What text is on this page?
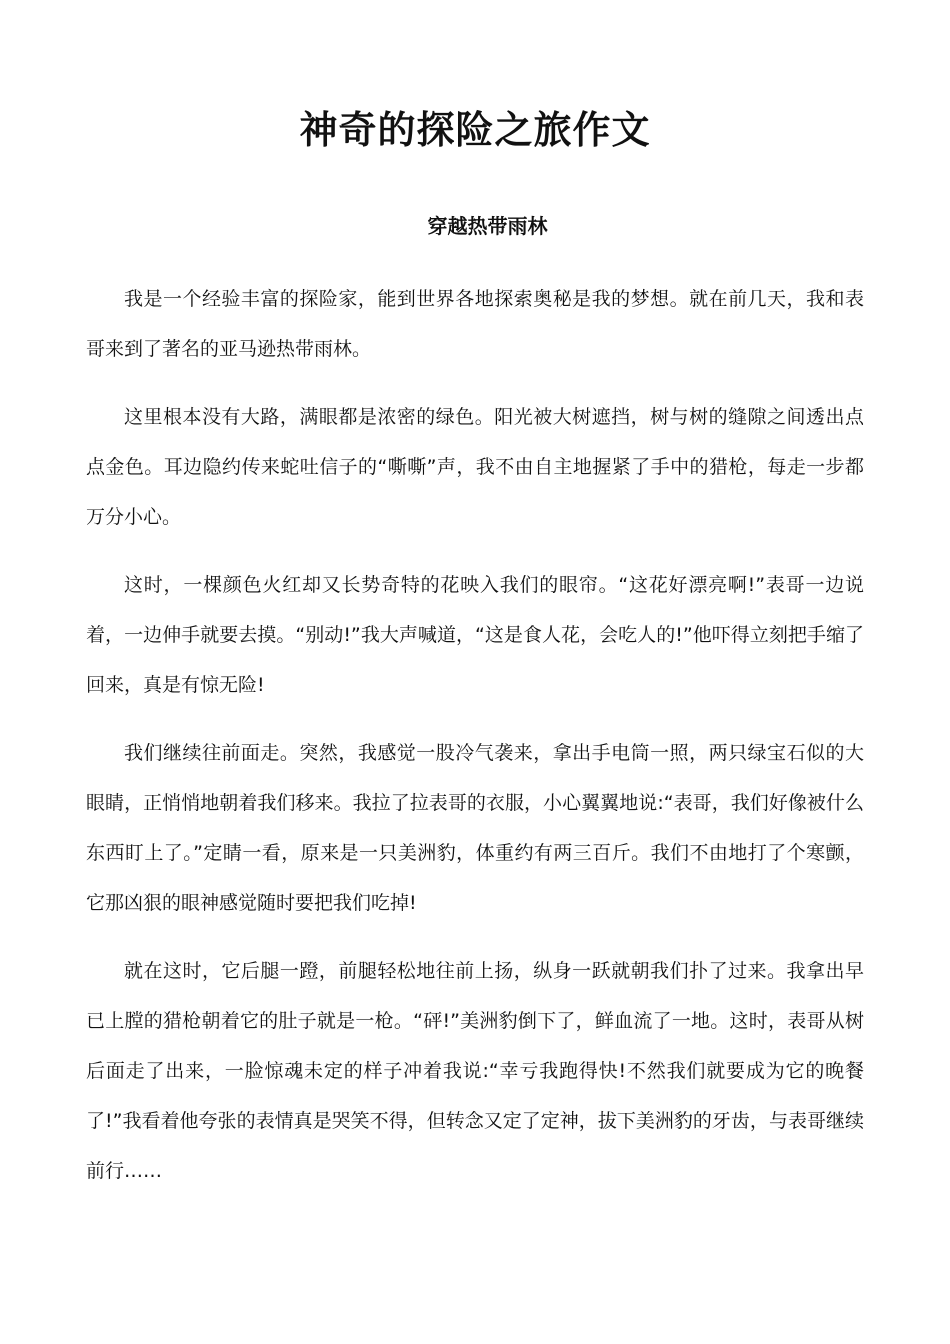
神奇的探险之旅作文
穿越热带雨林

我是一个经验丰富的探险家，能到世界各地探索奥秘是我的梦想。就在前几天，我和表哥来到了著名的亚马逊热带雨林。

这里根本没有大路，满眼都是浓密的绿色。阳光被大树遮挡，树与树的缝隙之间透出点点金色。耳边隐约传来蛇吐信子的“嘶嘶”声，我不由自主地握紧了手中的猎枪，每走一步都万分小心。

这时，一棵颜色火红却又长势奇特的花映入我们的眼帘。“这花好漂亮啊!”表哥一边说着，一边伸手就要去摸。“别动!”我大声喊道，“这是食人花，会吃人的!”他吓得立刻把手缩了回来，真是有惊无险!

我们继续往前面走。突然，我感觉一股冷气袭来，拿出手电筒一照，两只绿宝石似的大眼睛，正悄悄地朝着我们移来。我拉了拉表哥的衣服，小心翼翼地说:“表哥，我们好像被什么东西盯上了。”定睛一看，原来是一只美洲豹，体重约有两三百斤。我们不由地打了个寒颤，它那凶狠的眼神感觉随时要把我们吃掉!

就在这时，它后腿一蹬，前腿轻松地往前上扬，纵身一跃就朝我们扑了过来。我拿出早已上膛的猎枪朝着它的肚子就是一枪。“砰!”美洲豹倒下了，鲜血流了一地。这时，表哥从树后面走了出来，一脸惊魂未定的样子冲着我说:“幸亏我跑得快!不然我们就要成为它的晚餐了!”我看着他夸张的表情真是哭笑不得，但转念又定了定神，拔下美洲豹的牙齿，与表哥继续前行……
